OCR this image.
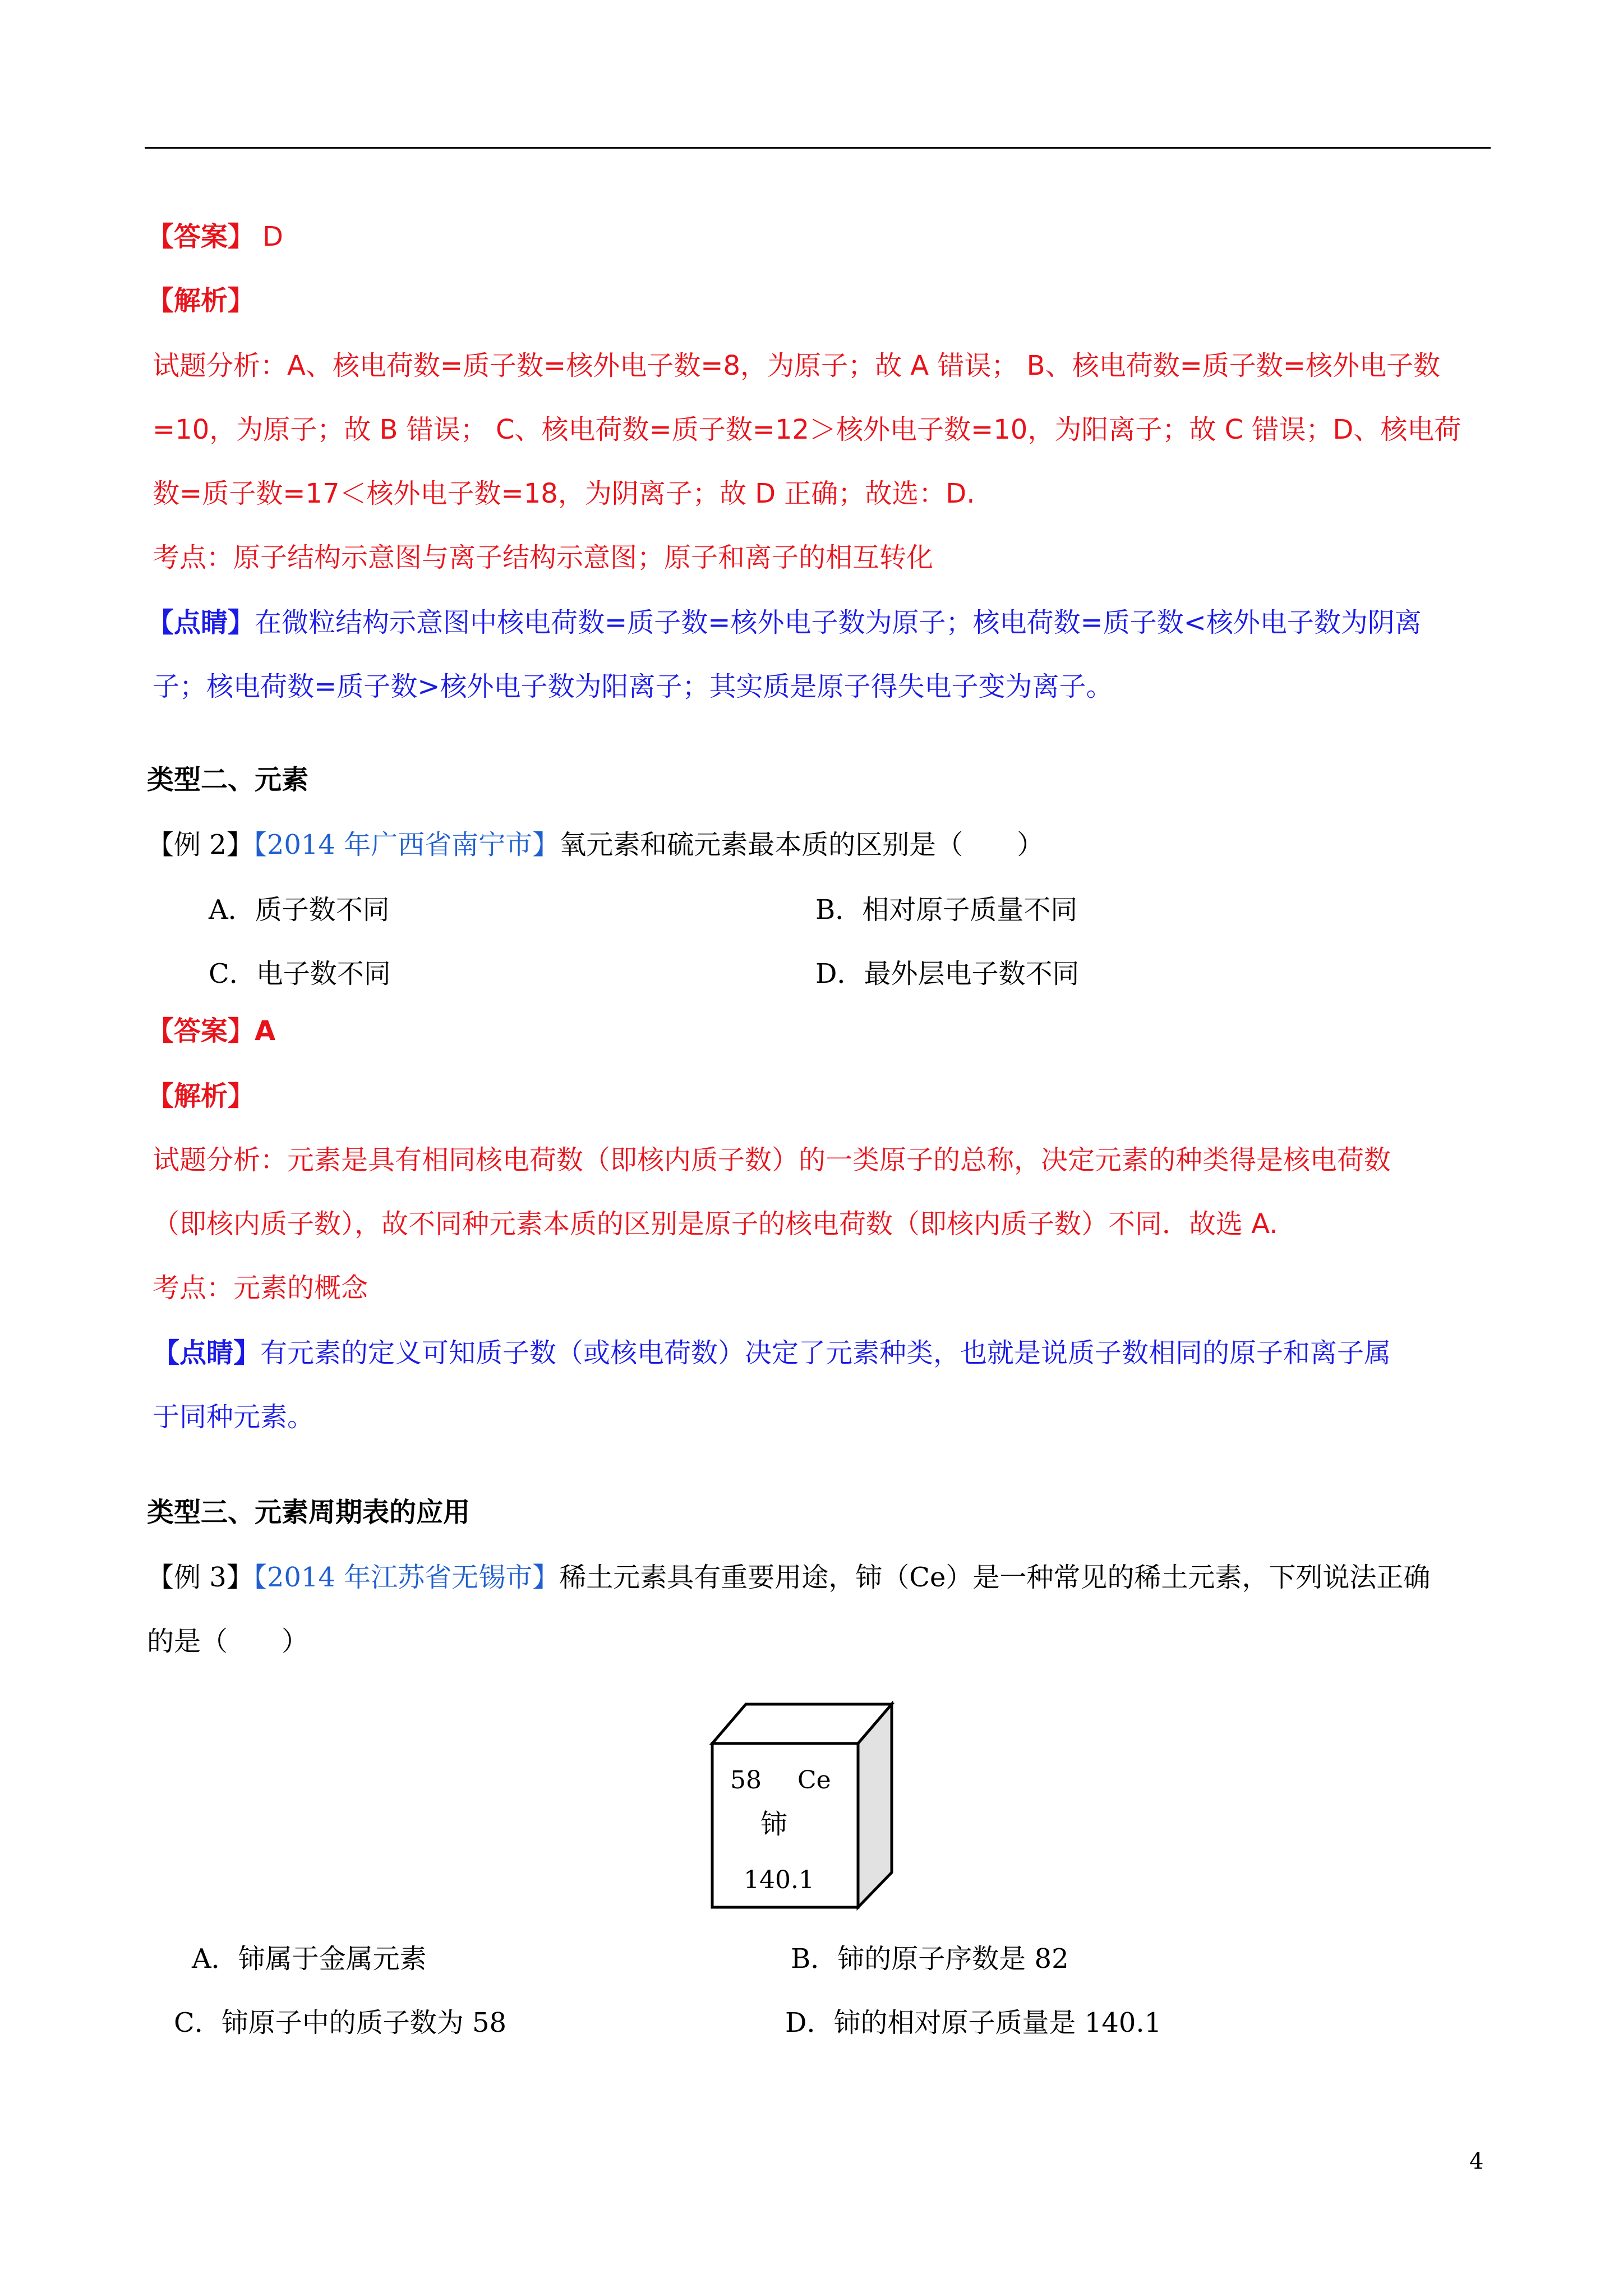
【答案】 D
【解析】
试题分析：A、核电荷数=质子数=核外电子数=8，为原子；故 A 错误； B、核电荷数=质子数=核外电子数
=10，为原子；故 B 错误； C、核电荷数=质子数=12＞核外电子数=10，为阳离子；故 C 错误；D、核电荷
数=质子数=17＜核外电子数=18，为阴离子；故 D 正确；故选：D.
考点：原子结构示意图与离子结构示意图；原子和离子的相互转化
【点睛】在微粒结构示意图中核电荷数=质子数=核外电子数为原子；核电荷数=质子数<核外电子数为阴离
子；核电荷数=质子数>核外电子数为阳离子；其实质是原子得失电子变为离子。
类型二、元素
【例 2】【2014 年广西省南宁市】氧元素和硫元素最本质的区别是（　　）
A．质子数不同	B．相对原子质量不同
C．电子数不同	D．最外层电子数不同
【答案】A
【解析】
试题分析：元素是具有相同核电荷数（即核内质子数）的一类原子的总称，决定元素的种类得是核电荷数
（即核内质子数），故不同种元素本质的区别是原子的核电荷数（即核内质子数）不同．故选 A.
考点：元素的概念
【点睛】有元素的定义可知质子数（或核电荷数）决定了元素种类，也就是说质子数相同的原子和离子属
于同种元素。
类型三、元素周期表的应用
【例 3】【2014 年江苏省无锡市】稀土元素具有重要用途，铈（Ce）是一种常见的稀土元素，下列说法正确
的是（　　）
58 Ce
铈
140.1
A．铈属于金属元素	B．铈的原子序数是 82
C．铈原子中的质子数为 58	D．铈的相对原子质量是 140.1
4
